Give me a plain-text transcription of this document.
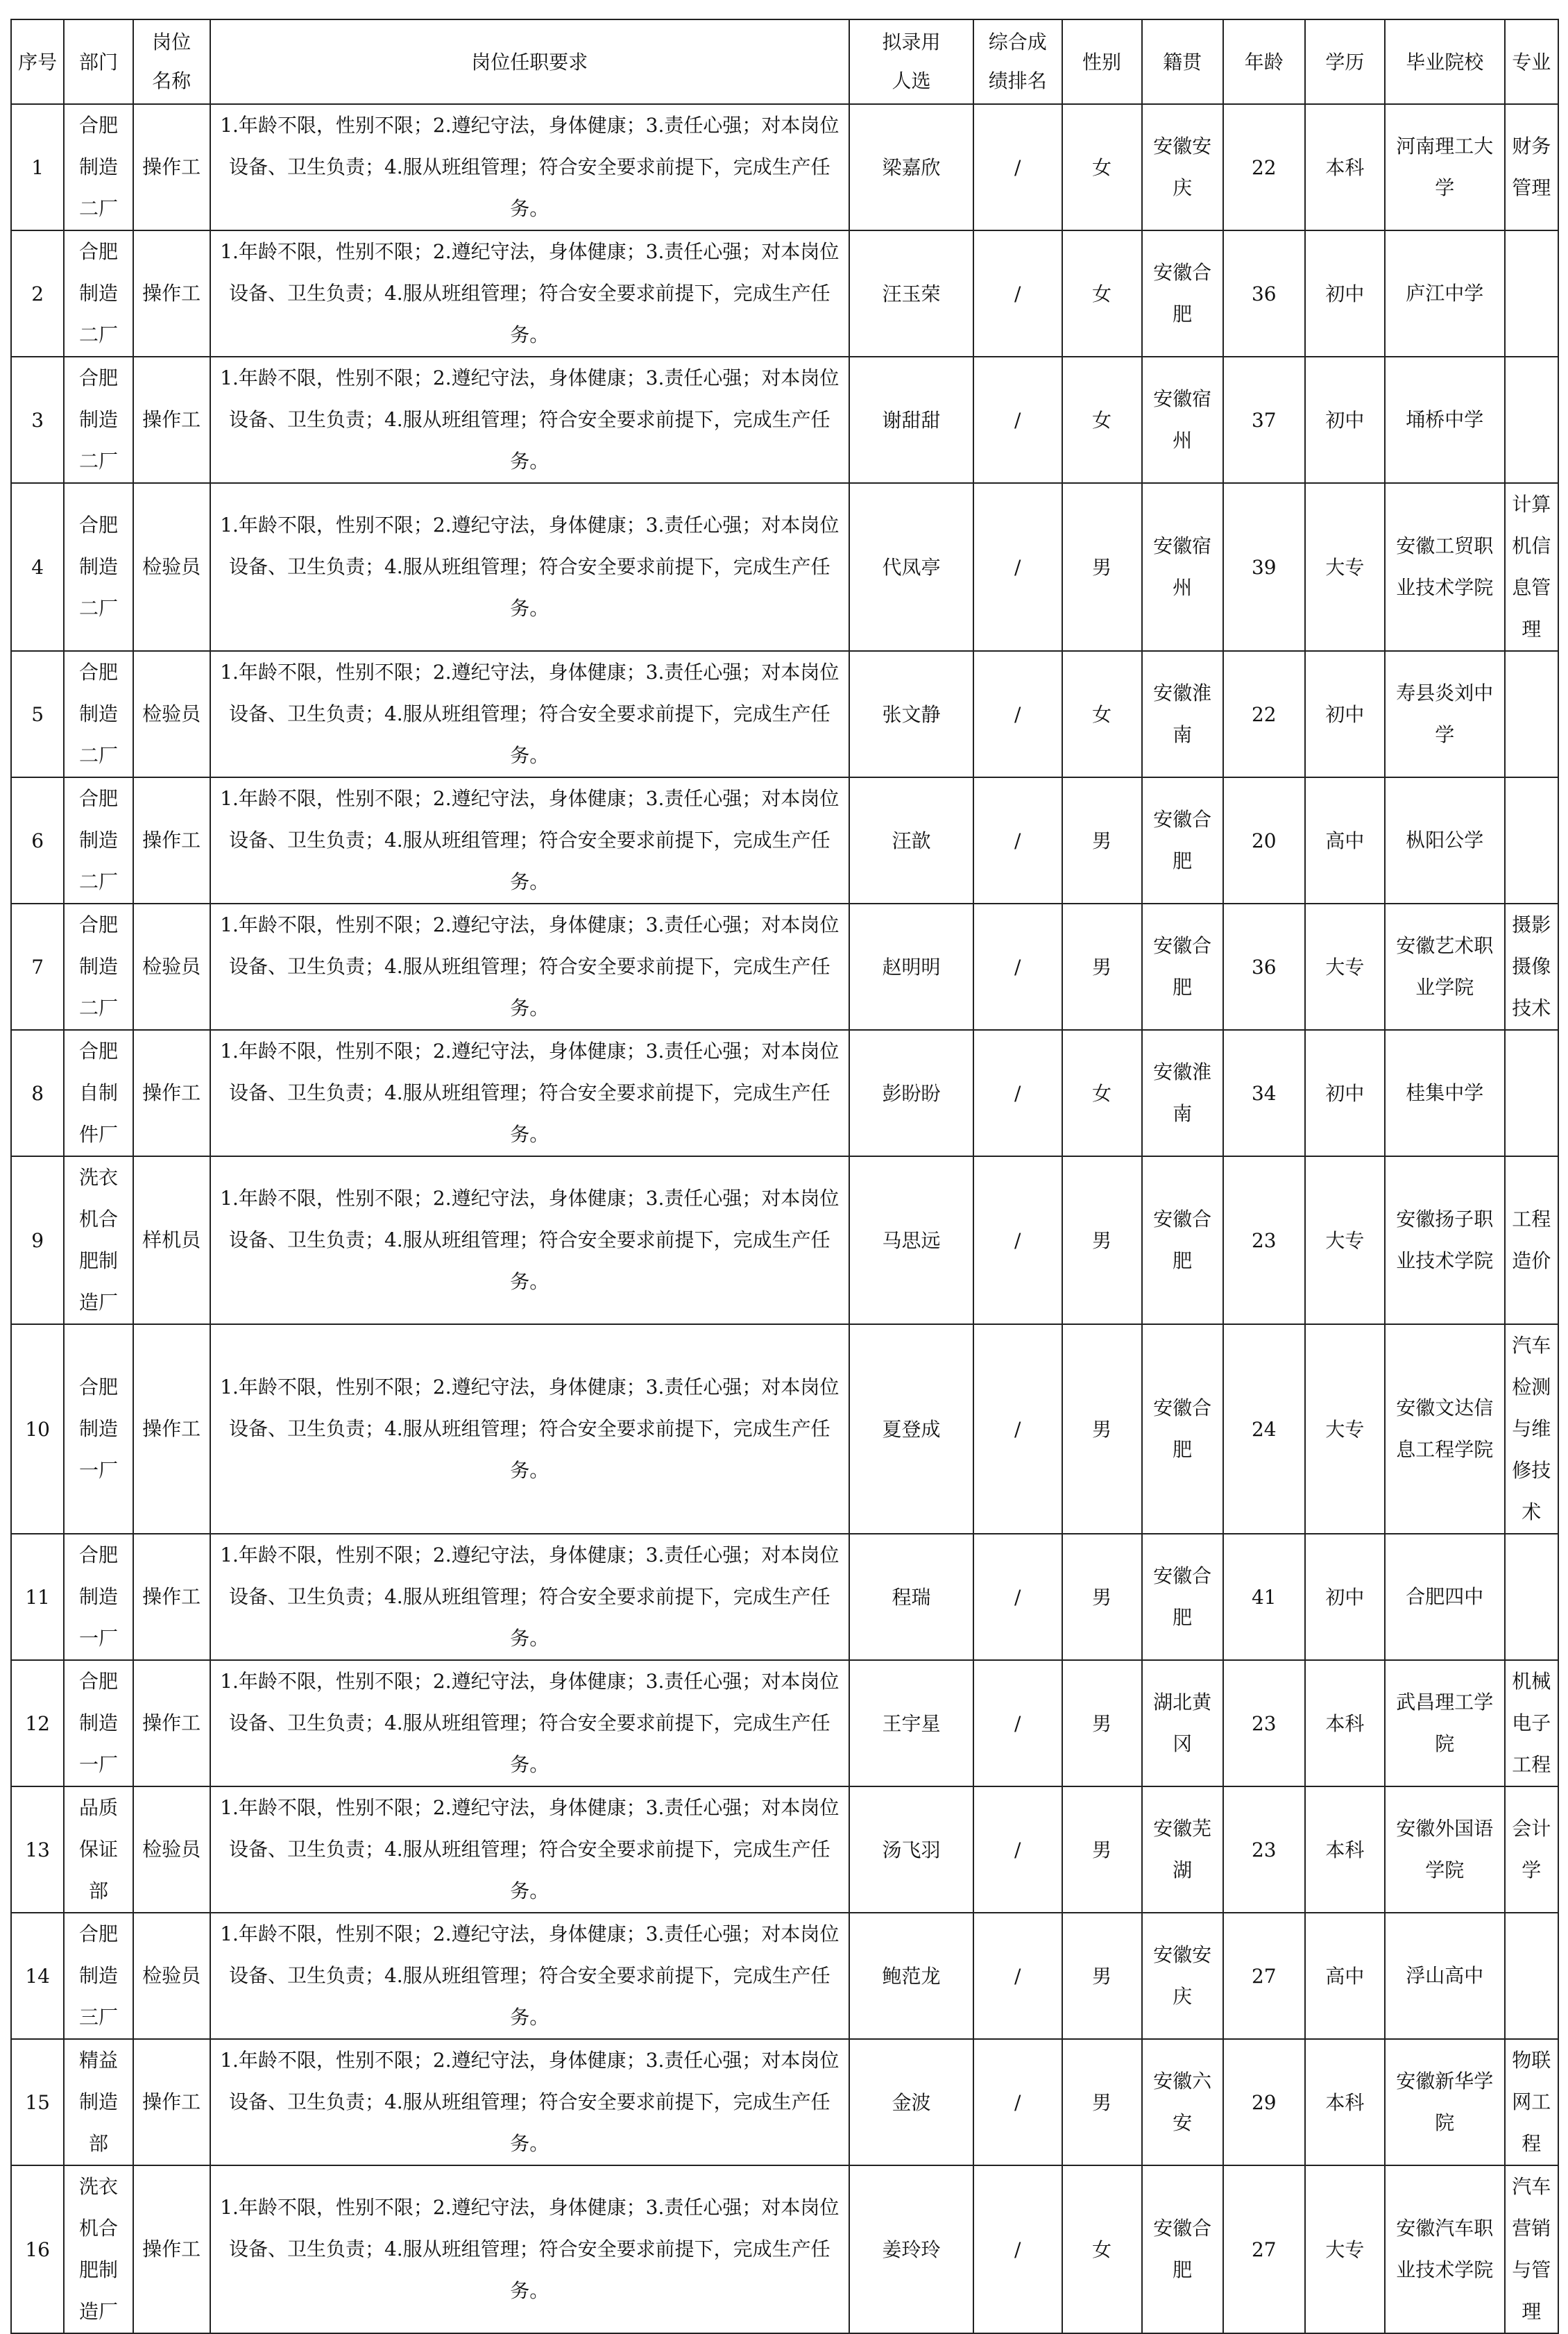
序号	部门	岗位名称	岗位任职要求	拟录用人选	综合成绩排名	性别	籍贯	年龄	学历	毕业院校	专业
1	合肥制造二厂	操作工	1.年龄不限，性别不限；2.遵纪守法，身体健康；3.责任心强；对本岗位设备、卫生负责；4.服从班组管理；符合安全要求前提下，完成生产任务。	梁嘉欣	/	女	安徽安庆	22	本科	河南理工大学	财务管理
2	合肥制造二厂	操作工	1.年龄不限，性别不限；2.遵纪守法，身体健康；3.责任心强；对本岗位设备、卫生负责；4.服从班组管理；符合安全要求前提下，完成生产任务。	汪玉荣	/	女	安徽合肥	36	初中	庐江中学	
3	合肥制造二厂	操作工	1.年龄不限，性别不限；2.遵纪守法，身体健康；3.责任心强；对本岗位设备、卫生负责；4.服从班组管理；符合安全要求前提下，完成生产任务。	谢甜甜	/	女	安徽宿州	37	初中	埇桥中学	
4	合肥制造二厂	检验员	1.年龄不限，性别不限；2.遵纪守法，身体健康；3.责任心强；对本岗位设备、卫生负责；4.服从班组管理；符合安全要求前提下，完成生产任务。	代凤亭	/	男	安徽宿州	39	大专	安徽工贸职业技术学院	计算机信息管理
5	合肥制造二厂	检验员	1.年龄不限，性别不限；2.遵纪守法，身体健康；3.责任心强；对本岗位设备、卫生负责；4.服从班组管理；符合安全要求前提下，完成生产任务。	张文静	/	女	安徽淮南	22	初中	寿县炎刘中学	
6	合肥制造二厂	操作工	1.年龄不限，性别不限；2.遵纪守法，身体健康；3.责任心强；对本岗位设备、卫生负责；4.服从班组管理；符合安全要求前提下，完成生产任务。	汪歆	/	男	安徽合肥	20	高中	枞阳公学	
7	合肥制造二厂	检验员	1.年龄不限，性别不限；2.遵纪守法，身体健康；3.责任心强；对本岗位设备、卫生负责；4.服从班组管理；符合安全要求前提下，完成生产任务。	赵明明	/	男	安徽合肥	36	大专	安徽艺术职业学院	摄影摄像技术
8	合肥自制件厂	操作工	1.年龄不限，性别不限；2.遵纪守法，身体健康；3.责任心强；对本岗位设备、卫生负责；4.服从班组管理；符合安全要求前提下，完成生产任务。	彭盼盼	/	女	安徽淮南	34	初中	桂集中学	
9	洗衣机合肥制造厂	样机员	1.年龄不限，性别不限；2.遵纪守法，身体健康；3.责任心强；对本岗位设备、卫生负责；4.服从班组管理；符合安全要求前提下，完成生产任务。	马思远	/	男	安徽合肥	23	大专	安徽扬子职业技术学院	工程造价
10	合肥制造一厂	操作工	1.年龄不限，性别不限；2.遵纪守法，身体健康；3.责任心强；对本岗位设备、卫生负责；4.服从班组管理；符合安全要求前提下，完成生产任务。	夏登成	/	男	安徽合肥	24	大专	安徽文达信息工程学院	汽车检测与维修技术
11	合肥制造一厂	操作工	1.年龄不限，性别不限；2.遵纪守法，身体健康；3.责任心强；对本岗位设备、卫生负责；4.服从班组管理；符合安全要求前提下，完成生产任务。	程瑞	/	男	安徽合肥	41	初中	合肥四中	
12	合肥制造一厂	操作工	1.年龄不限，性别不限；2.遵纪守法，身体健康；3.责任心强；对本岗位设备、卫生负责；4.服从班组管理；符合安全要求前提下，完成生产任务。	王宇星	/	男	湖北黄冈	23	本科	武昌理工学院	机械电子工程
13	品质保证部	检验员	1.年龄不限，性别不限；2.遵纪守法，身体健康；3.责任心强；对本岗位设备、卫生负责；4.服从班组管理；符合安全要求前提下，完成生产任务。	汤飞羽	/	男	安徽芜湖	23	本科	安徽外国语学院	会计学
14	合肥制造三厂	检验员	1.年龄不限，性别不限；2.遵纪守法，身体健康；3.责任心强；对本岗位设备、卫生负责；4.服从班组管理；符合安全要求前提下，完成生产任务。	鲍范龙	/	男	安徽安庆	27	高中	浮山高中	
15	精益制造部	操作工	1.年龄不限，性别不限；2.遵纪守法，身体健康；3.责任心强；对本岗位设备、卫生负责；4.服从班组管理；符合安全要求前提下，完成生产任务。	金波	/	男	安徽六安	29	本科	安徽新华学院	物联网工程
16	洗衣机合肥制造厂	操作工	1.年龄不限，性别不限；2.遵纪守法，身体健康；3.责任心强；对本岗位设备、卫生负责；4.服从班组管理；符合安全要求前提下，完成生产任务。	姜玲玲	/	女	安徽合肥	27	大专	安徽汽车职业技术学院	汽车营销与管理
